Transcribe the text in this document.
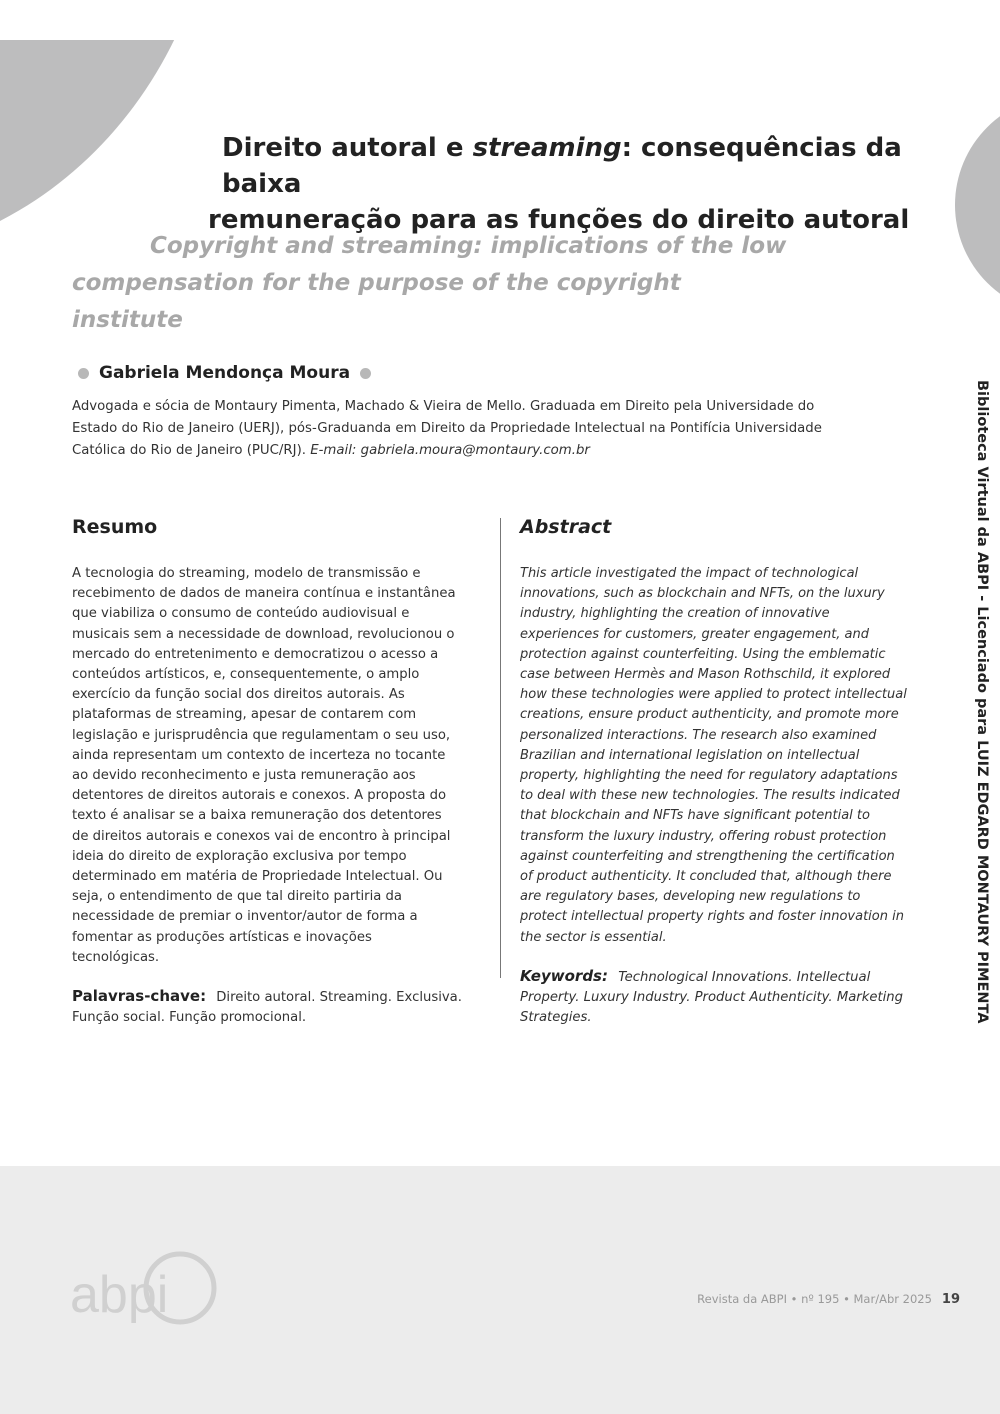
Direito autoral e streaming: consequências da baixa
remuneração para as funções do direito autoral
Copyright and streaming: implications of the low
compensation for the purpose of the copyright institute
Gabriela Mendonça Moura
Advogada e sócia de Montaury Pimenta, Machado & Vieira de Mello. Graduada em Direito pela Universidade do Estado do Rio de Janeiro (UERJ), pós-Graduanda em Direito da Propriedade Intelectual na Pontifícia Universidade Católica do Rio de Janeiro (PUC/RJ). E-mail: gabriela.moura@montaury.com.br
Resumo

A tecnologia do streaming, modelo de transmissão e recebimento de dados de maneira contínua e instantânea que viabiliza o consumo de conteúdo audiovisual e musicais sem a necessidade de download, revolucionou o mercado do entretenimento e democratizou o acesso a conteúdos artísticos, e, consequentemente, o amplo exercício da função social dos direitos autorais. As plataformas de streaming, apesar de contarem com legislação e jurisprudência que regulamentam o seu uso, ainda representam um contexto de incerteza no tocante ao devido reconhecimento e justa remuneração aos detentores de direitos autorais e conexos. A proposta do texto é analisar se a baixa remuneração dos detentores de direitos autorais e conexos vai de encontro à principal ideia do direito de exploração exclusiva por tempo determinado em matéria de Propriedade Intelectual. Ou seja, o entendimento de que tal direito partiria da necessidade de premiar o inventor/autor de forma a fomentar as produções artísticas e inovações tecnológicas.

Palavras-chave: Direito autoral. Streaming. Exclusiva. Função social. Função promocional.
Abstract

This article investigated the impact of technological innovations, such as blockchain and NFTs, on the luxury industry, highlighting the creation of innovative experiences for customers, greater engagement, and protection against counterfeiting. Using the emblematic case between Hermès and Mason Rothschild, it explored how these technologies were applied to protect intellectual creations, ensure product authenticity, and promote more personalized interactions. The research also examined Brazilian and international legislation on intellectual property, highlighting the need for regulatory adaptations to deal with these new technologies. The results indicated that blockchain and NFTs have significant potential to transform the luxury industry, offering robust protection against counterfeiting and strengthening the certification of product authenticity. It concluded that, although there are regulatory bases, developing new regulations to protect intellectual property rights and foster innovation in the sector is essential.

Keywords: Technological Innovations. Intellectual Property. Luxury Industry. Product Authenticity. Marketing Strategies.	Biblioteca Virtual da ABPI - Licenciado para LUIZ EDGARD MONTAURY PIMENTA
abpi	Revista da ABPI • nº 195 • Mar/Abr 2025 19
